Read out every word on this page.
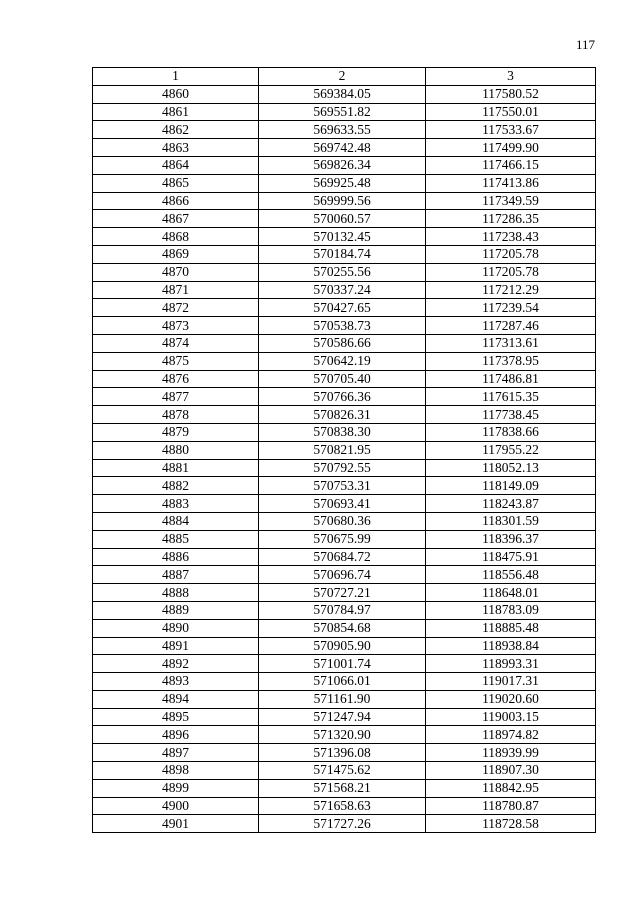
117
1	2	3
4860	569384.05	117580.52
4861	569551.82	117550.01
4862	569633.55	117533.67
4863	569742.48	117499.90
4864	569826.34	117466.15
4865	569925.48	117413.86
4866	569999.56	117349.59
4867	570060.57	117286.35
4868	570132.45	117238.43
4869	570184.74	117205.78
4870	570255.56	117205.78
4871	570337.24	117212.29
4872	570427.65	117239.54
4873	570538.73	117287.46
4874	570586.66	117313.61
4875	570642.19	117378.95
4876	570705.40	117486.81
4877	570766.36	117615.35
4878	570826.31	117738.45
4879	570838.30	117838.66
4880	570821.95	117955.22
4881	570792.55	118052.13
4882	570753.31	118149.09
4883	570693.41	118243.87
4884	570680.36	118301.59
4885	570675.99	118396.37
4886	570684.72	118475.91
4887	570696.74	118556.48
4888	570727.21	118648.01
4889	570784.97	118783.09
4890	570854.68	118885.48
4891	570905.90	118938.84
4892	571001.74	118993.31
4893	571066.01	119017.31
4894	571161.90	119020.60
4895	571247.94	119003.15
4896	571320.90	118974.82
4897	571396.08	118939.99
4898	571475.62	118907.30
4899	571568.21	118842.95
4900	571658.63	118780.87
4901	571727.26	118728.58
